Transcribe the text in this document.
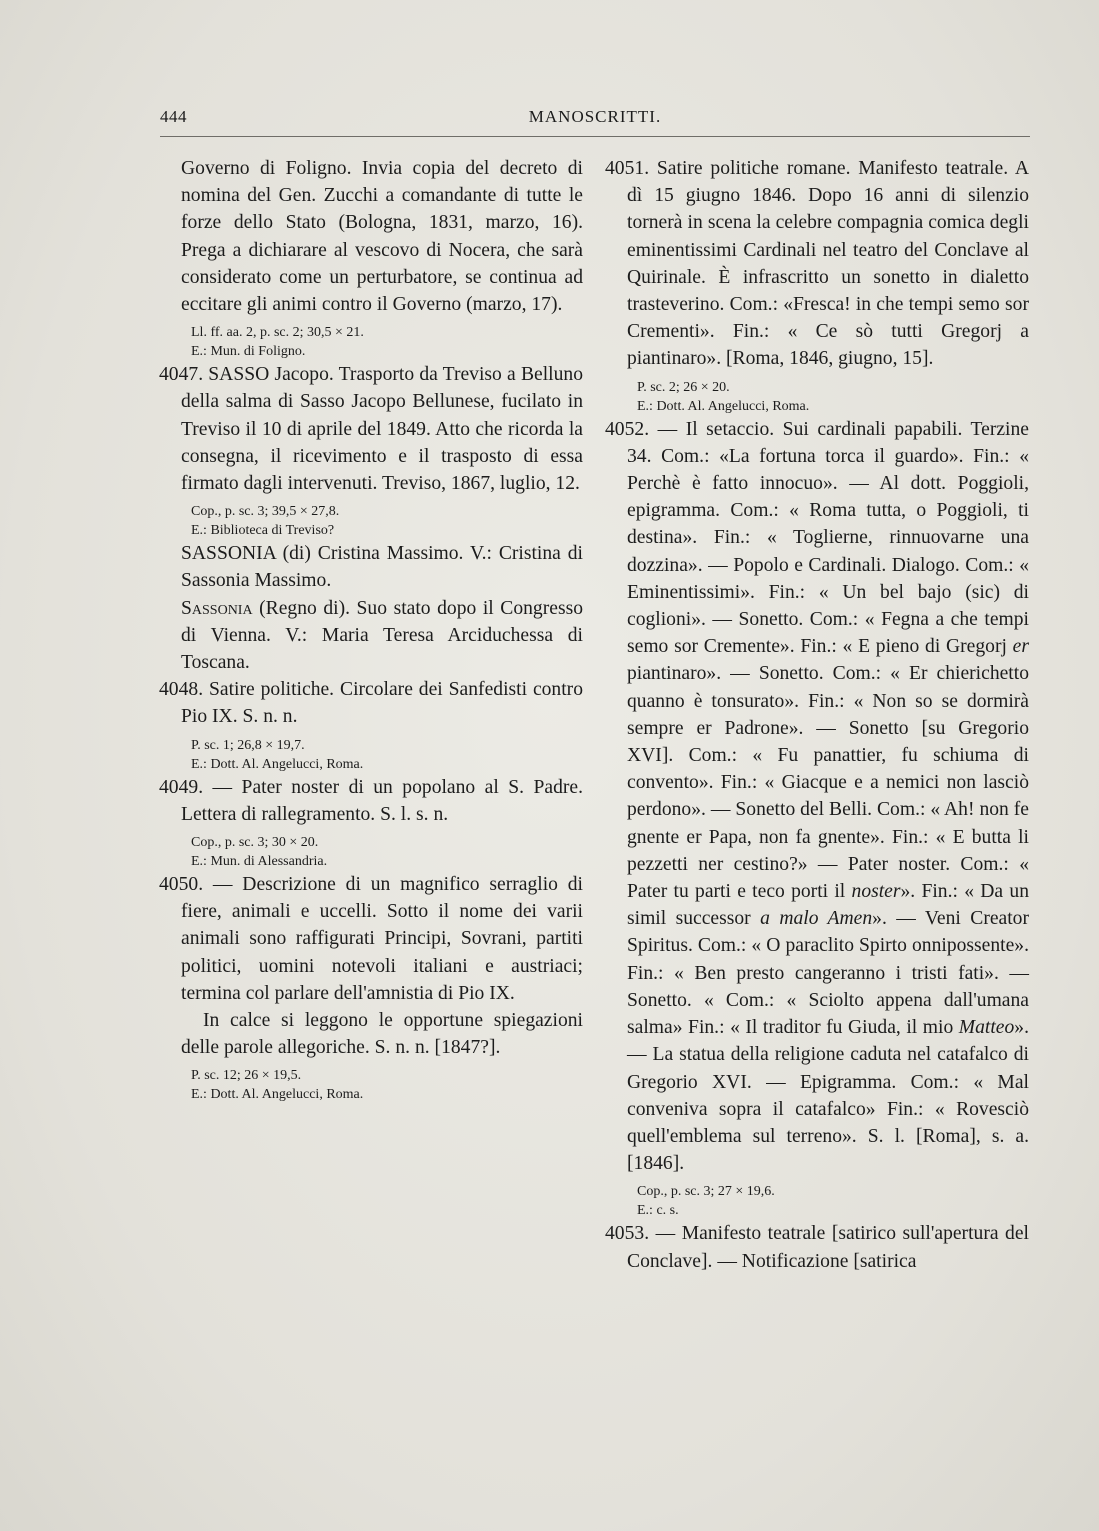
444	MANOSCRITTI.

Governo di Foligno. Invia copia del decreto di nomina del Gen. Zucchi a comandante di tutte le forze dello Stato (Bologna, 1831, marzo, 16). Prega a dichiarare al vescovo di Nocera, che sarà considerato come un perturbatore, se continua ad eccitare gli animi contro il Governo (marzo, 17).

Ll. ff. aa. 2, p. sc. 2; 30,5 × 21.
E.: Mun. di Foligno.

4047. SASSO Jacopo. Trasporto da Treviso a Belluno della salma di Sasso Jacopo Bellunese, fucilato in Treviso il 10 di aprile del 1849. Atto che ricorda la consegna, il ricevimento e il trasposto di essa firmato dagli intervenuti. Treviso, 1867, luglio, 12.

Cop., p. sc. 3; 39,5 × 27,8.
E.: Biblioteca di Treviso?

SASSONIA (di) Cristina Massimo. V.: Cristina di Sassonia Massimo.

Sassonia (Regno di). Suo stato dopo il Congresso di Vienna. V.: Maria Teresa Arciduchessa di Toscana.

4048. Satire politiche. Circolare dei Sanfedisti contro Pio IX. S. n. n.

P. sc. 1; 26,8 × 19,7.
E.: Dott. Al. Angelucci, Roma.

4049. — Pater noster di un popolano al S. Padre. Lettera di rallegramento. S. l. s. n.

Cop., p. sc. 3; 30 × 20.
E.: Mun. di Alessandria.

4050. — Descrizione di un magnifico serraglio di fiere, animali e uccelli. Sotto il nome dei varii animali sono raffigurati Principi, Sovrani, partiti politici, uomini notevoli italiani e austriaci; termina col parlare dell'amnistia di Pio IX.

In calce si leggono le opportune spiegazioni delle parole allegoriche. S. n. n. [1847?].

P. sc. 12; 26 × 19,5.
E.: Dott. Al. Angelucci, Roma.

4051. Satire politiche romane. Manifesto teatrale. A dì 15 giugno 1846. Dopo 16 anni di silenzio tornerà in scena la celebre compagnia comica degli eminentissimi Cardinali nel teatro del Conclave al Quirinale. È infrascritto un sonetto in dialetto trasteverino. Com.: «Fresca! in che tempi semo sor Crementi». Fin.: « Ce sò tutti Gregorj a piantinaro». [Roma, 1846, giugno, 15].

P. sc. 2; 26 × 20.
E.: Dott. Al. Angelucci, Roma.

4052. — Il setaccio. Sui cardinali papabili. Terzine 34. Com.: «La fortuna torca il guardo». Fin.: « Perchè è fatto innocuo». — Al dott. Poggioli, epigramma. Com.: « Roma tutta, o Poggioli, ti destina». Fin.: « Toglierne, rinnuovarne una dozzina». — Popolo e Cardinali. Dialogo. Com.: « Eminentissimi». Fin.: « Un bel bajo (sic) di coglioni». — Sonetto. Com.: « Fegna a che tempi semo sor Cremente». Fin.: « E pieno di Gregorj er piantinaro». — Sonetto. Com.: « Er chierichetto quanno è tonsurato». Fin.: « Non so se dormirà sempre er Padrone». — Sonetto [su Gregorio XVI]. Com.: « Fu panattier, fu schiuma di convento». Fin.: « Giacque e a nemici non lasciò perdono». — Sonetto del Belli. Com.: « Ah! non fe gnente er Papa, non fa gnente». Fin.: « E butta li pezzetti ner cestino?» — Pater noster. Com.: « Pater tu parti e teco porti il noster». Fin.: « Da un simil successor a malo Amen». — Veni Creator Spiritus. Com.: « O paraclito Spirto onnipossente». Fin.: « Ben presto cangeranno i tristi fati». — Sonetto. « Com.: « Sciolto appena dall'umana salma» Fin.: « Il traditor fu Giuda, il mio Matteo». — La statua della religione caduta nel catafalco di Gregorio XVI. — Epigramma. Com.: « Mal conveniva sopra il catafalco» Fin.: « Rovesciò quell'emblema sul terreno». S. l. [Roma], s. a. [1846].

Cop., p. sc. 3; 27 × 19,6.
E.: c. s.

4053. — Manifesto teatrale [satirico sull'apertura del Conclave]. — Notificazione [satirica
